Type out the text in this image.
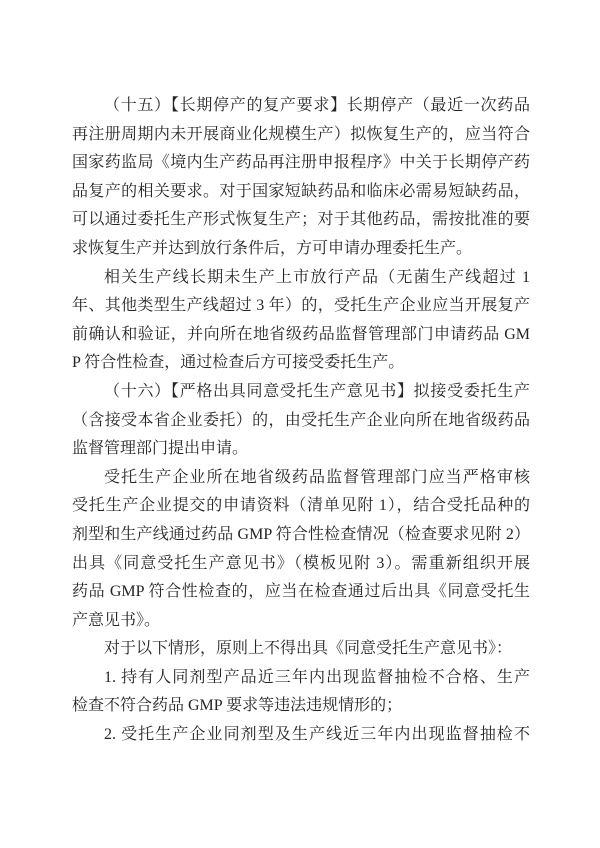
（十五）【长期停产的复产要求】长期停产（最近一次药品
再注册周期内未开展商业化规模生产）拟恢复生产的，应当符合
国家药监局《境内生产药品再注册申报程序》中关于长期停产药
品复产的相关要求。对于国家短缺药品和临床必需易短缺药品，
可以通过委托生产形式恢复生产；对于其他药品，需按批准的要
求恢复生产并达到放行条件后，方可申请办理委托生产。
相关生产线长期未生产上市放行产品（无菌生产线超过 1
年、其他类型生产线超过 3 年）的，受托生产企业应当开展复产
前确认和验证，并向所在地省级药品监督管理部门申请药品 GM
P 符合性检查，通过检查后方可接受委托生产。
（十六）【严格出具同意受托生产意见书】拟接受委托生产
（含接受本省企业委托）的，由受托生产企业向所在地省级药品
监督管理部门提出申请。
受托生产企业所在地省级药品监督管理部门应当严格审核
受托生产企业提交的申请资料（清单见附 1），结合受托品种的
剂型和生产线通过药品 GMP 符合性检查情况（检查要求见附 2）
出具《同意受托生产意见书》（模板见附 3）。需重新组织开展
药品 GMP 符合性检查的，应当在检查通过后出具《同意受托生
产意见书》。
对于以下情形，原则上不得出具《同意受托生产意见书》：
1. 持有人同剂型产品近三年内出现监督抽检不合格、生产
检查不符合药品 GMP 要求等违法违规情形的；
2. 受托生产企业同剂型及生产线近三年内出现监督抽检不
